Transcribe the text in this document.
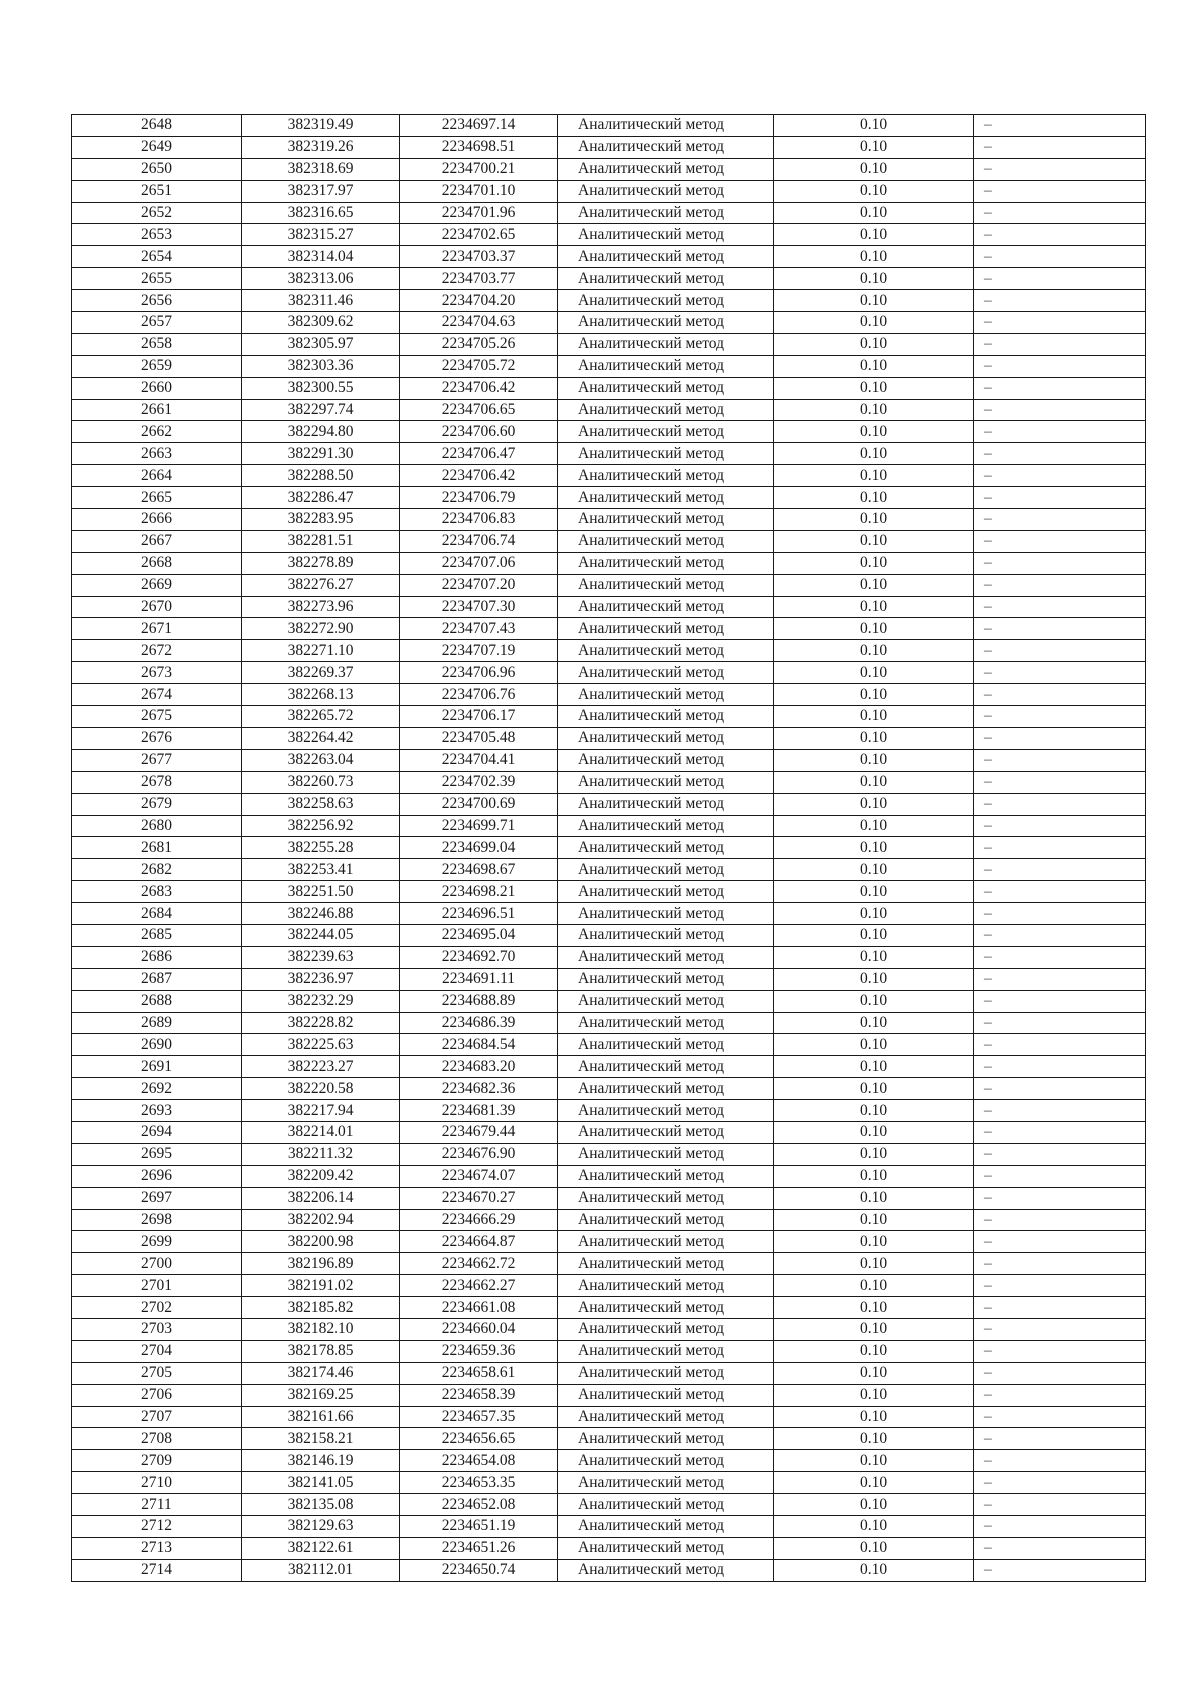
2648	382319.49	2234697.14	Аналитический метод	0.10	–
2649	382319.26	2234698.51	Аналитический метод	0.10	–
2650	382318.69	2234700.21	Аналитический метод	0.10	–
2651	382317.97	2234701.10	Аналитический метод	0.10	–
2652	382316.65	2234701.96	Аналитический метод	0.10	–
2653	382315.27	2234702.65	Аналитический метод	0.10	–
2654	382314.04	2234703.37	Аналитический метод	0.10	–
2655	382313.06	2234703.77	Аналитический метод	0.10	–
2656	382311.46	2234704.20	Аналитический метод	0.10	–
2657	382309.62	2234704.63	Аналитический метод	0.10	–
2658	382305.97	2234705.26	Аналитический метод	0.10	–
2659	382303.36	2234705.72	Аналитический метод	0.10	–
2660	382300.55	2234706.42	Аналитический метод	0.10	–
2661	382297.74	2234706.65	Аналитический метод	0.10	–
2662	382294.80	2234706.60	Аналитический метод	0.10	–
2663	382291.30	2234706.47	Аналитический метод	0.10	–
2664	382288.50	2234706.42	Аналитический метод	0.10	–
2665	382286.47	2234706.79	Аналитический метод	0.10	–
2666	382283.95	2234706.83	Аналитический метод	0.10	–
2667	382281.51	2234706.74	Аналитический метод	0.10	–
2668	382278.89	2234707.06	Аналитический метод	0.10	–
2669	382276.27	2234707.20	Аналитический метод	0.10	–
2670	382273.96	2234707.30	Аналитический метод	0.10	–
2671	382272.90	2234707.43	Аналитический метод	0.10	–
2672	382271.10	2234707.19	Аналитический метод	0.10	–
2673	382269.37	2234706.96	Аналитический метод	0.10	–
2674	382268.13	2234706.76	Аналитический метод	0.10	–
2675	382265.72	2234706.17	Аналитический метод	0.10	–
2676	382264.42	2234705.48	Аналитический метод	0.10	–
2677	382263.04	2234704.41	Аналитический метод	0.10	–
2678	382260.73	2234702.39	Аналитический метод	0.10	–
2679	382258.63	2234700.69	Аналитический метод	0.10	–
2680	382256.92	2234699.71	Аналитический метод	0.10	–
2681	382255.28	2234699.04	Аналитический метод	0.10	–
2682	382253.41	2234698.67	Аналитический метод	0.10	–
2683	382251.50	2234698.21	Аналитический метод	0.10	–
2684	382246.88	2234696.51	Аналитический метод	0.10	–
2685	382244.05	2234695.04	Аналитический метод	0.10	–
2686	382239.63	2234692.70	Аналитический метод	0.10	–
2687	382236.97	2234691.11	Аналитический метод	0.10	–
2688	382232.29	2234688.89	Аналитический метод	0.10	–
2689	382228.82	2234686.39	Аналитический метод	0.10	–
2690	382225.63	2234684.54	Аналитический метод	0.10	–
2691	382223.27	2234683.20	Аналитический метод	0.10	–
2692	382220.58	2234682.36	Аналитический метод	0.10	–
2693	382217.94	2234681.39	Аналитический метод	0.10	–
2694	382214.01	2234679.44	Аналитический метод	0.10	–
2695	382211.32	2234676.90	Аналитический метод	0.10	–
2696	382209.42	2234674.07	Аналитический метод	0.10	–
2697	382206.14	2234670.27	Аналитический метод	0.10	–
2698	382202.94	2234666.29	Аналитический метод	0.10	–
2699	382200.98	2234664.87	Аналитический метод	0.10	–
2700	382196.89	2234662.72	Аналитический метод	0.10	–
2701	382191.02	2234662.27	Аналитический метод	0.10	–
2702	382185.82	2234661.08	Аналитический метод	0.10	–
2703	382182.10	2234660.04	Аналитический метод	0.10	–
2704	382178.85	2234659.36	Аналитический метод	0.10	–
2705	382174.46	2234658.61	Аналитический метод	0.10	–
2706	382169.25	2234658.39	Аналитический метод	0.10	–
2707	382161.66	2234657.35	Аналитический метод	0.10	–
2708	382158.21	2234656.65	Аналитический метод	0.10	–
2709	382146.19	2234654.08	Аналитический метод	0.10	–
2710	382141.05	2234653.35	Аналитический метод	0.10	–
2711	382135.08	2234652.08	Аналитический метод	0.10	–
2712	382129.63	2234651.19	Аналитический метод	0.10	–
2713	382122.61	2234651.26	Аналитический метод	0.10	–
2714	382112.01	2234650.74	Аналитический метод	0.10	–
